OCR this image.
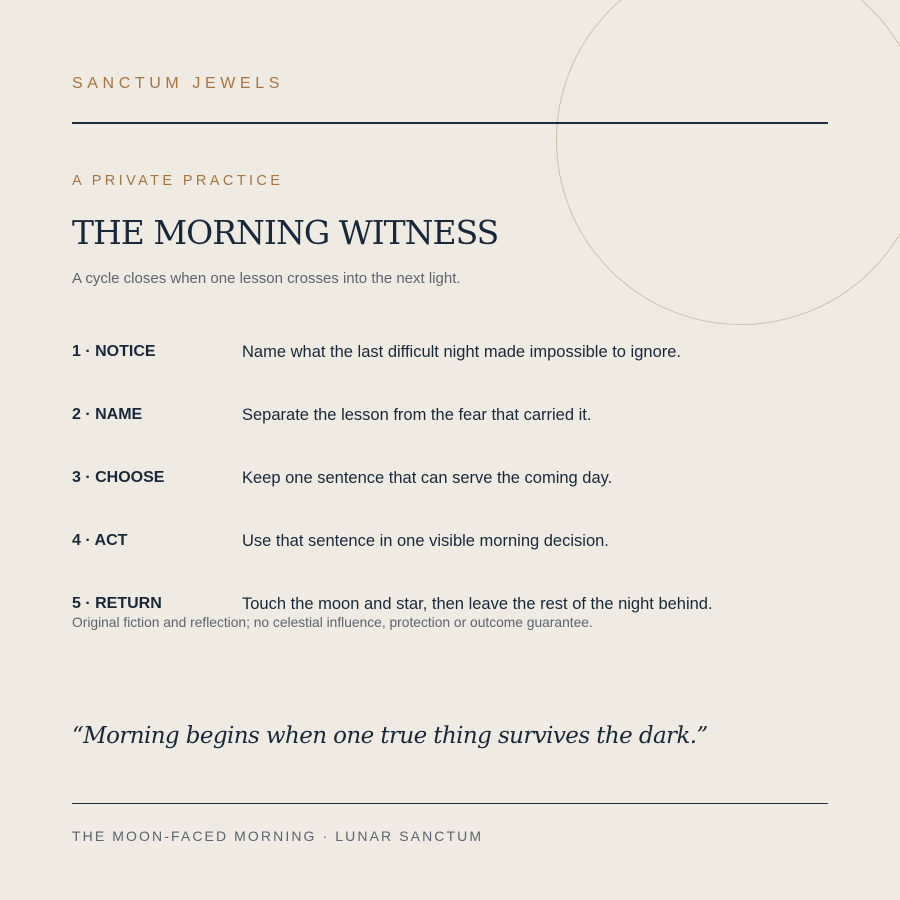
SANCTUM JEWELS
A PRIVATE PRACTICE
THE MORNING WITNESS
A cycle closes when one lesson crosses into the next light.
1 · NOTICE	Name what the last difficult night made impossible to ignore.
2 · NAME	Separate the lesson from the fear that carried it.
3 · CHOOSE	Keep one sentence that can serve the coming day.
4 · ACT	Use that sentence in one visible morning decision.
5 · RETURN	Touch the moon and star, then leave the rest of the night behind.
Original fiction and reflection; no celestial influence, protection or outcome guarantee.
“Morning begins when one true thing survives the dark.”
THE MOON-FACED MORNING · LUNAR SANCTUM
